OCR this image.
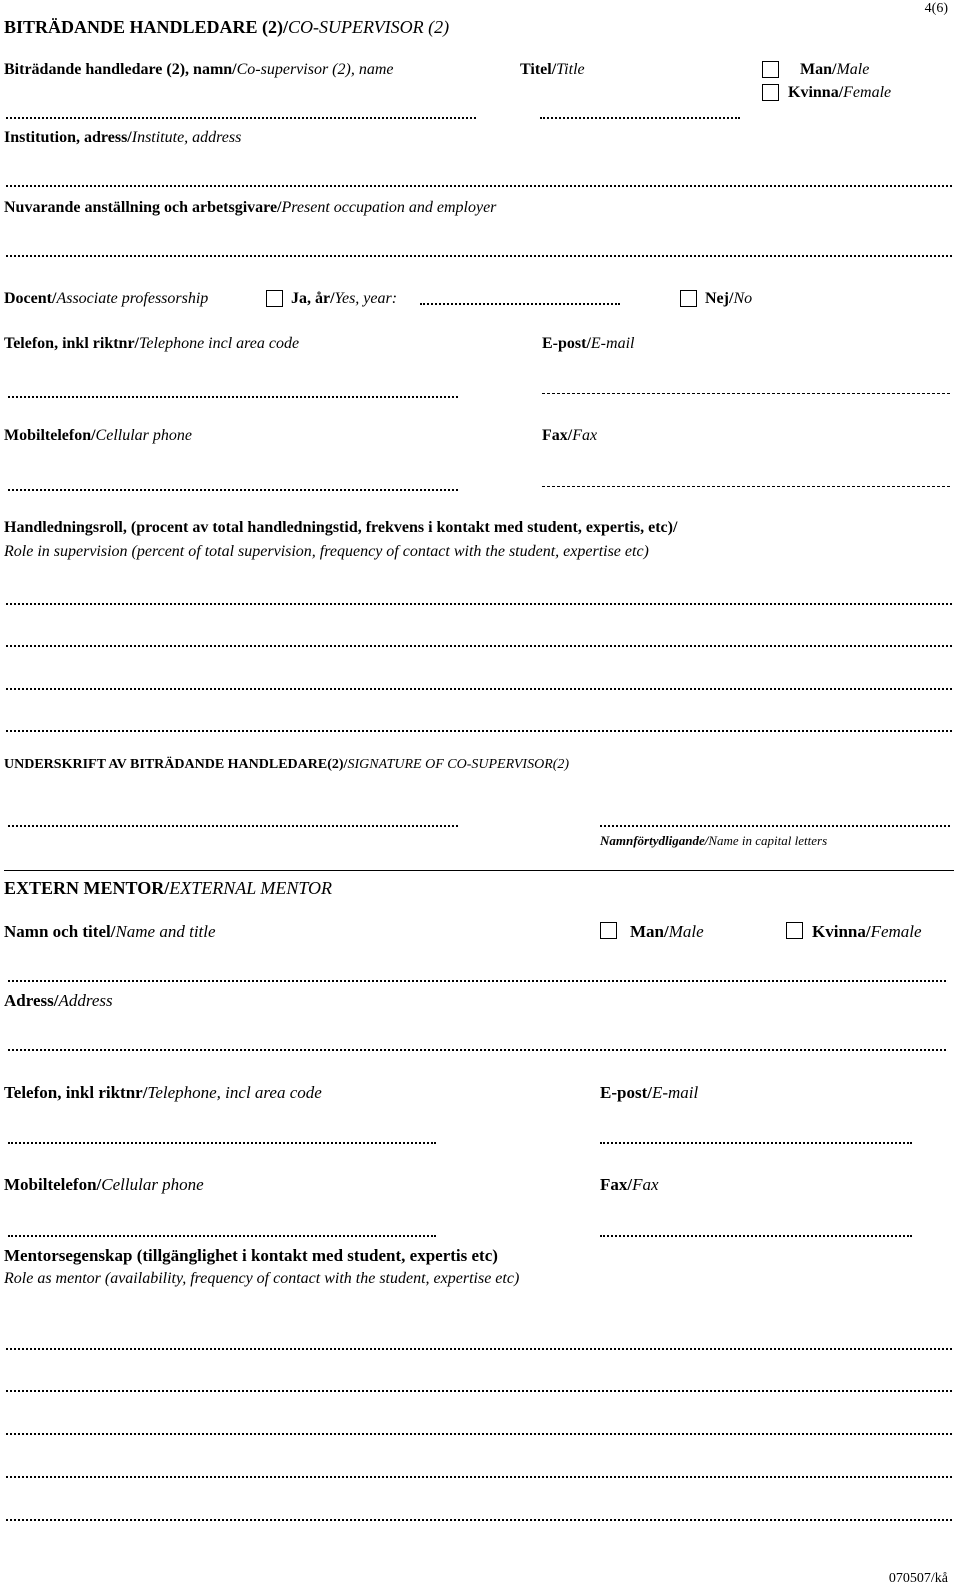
4(6)
BITRÄDANDE HANDLEDARE (2)/CO-SUPERVISOR (2)
Biträdande handledare (2), namn/Co-supervisor (2), name	Titel/Title	Man/Male
Kvinna/Female
Institution, adress/Institute, address
Nuvarande anställning och arbetsgivare/Present occupation and employer
Docent/Associate professorship	Ja, år/Yes, year:	Nej/No
Telefon, inkl riktnr/Telephone incl area code	E-post/E-mail
Mobiltelefon/Cellular phone	Fax/Fax
Handledningsroll, (procent av total handledningstid, frekvens i kontakt med student, expertis, etc)/
Role in supervision (percent of total supervision, frequency of contact with the student, expertise etc)
UNDERSKRIFT AV BITRÄDANDE HANDLEDARE(2)/SIGNATURE OF CO-SUPERVISOR(2)
Namnförtydligande/Name in capital letters
EXTERN MENTOR/EXTERNAL MENTOR
Namn och titel/Name and title	Man/Male	Kvinna/Female
Adress/Address
Telefon, inkl riktnr/Telephone, incl area code	E-post/E-mail
Mobiltelefon/Cellular phone	Fax/Fax
Mentorsegenskap (tillgänglighet i kontakt med student, expertis etc)
Role as mentor (availability, frequency of contact with the student, expertise etc)
070507/kå
